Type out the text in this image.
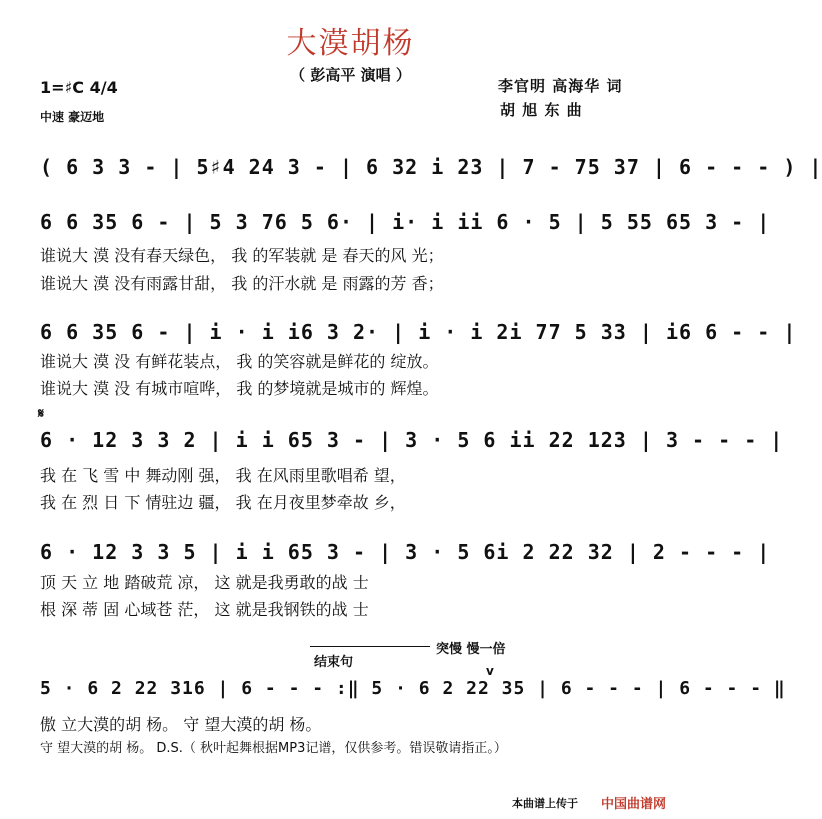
大漠胡杨
（ 彭高平 演唱 ）
李官明 高海华 词
胡 旭 东 曲
1=♯C 4/4
中速 豪迈地
( 6 3 3 - | 5♯4 24 3 - | 6 32 i 23 | 7 - 75 37 | 6 - - - ) |
6 6 35 6 - | 5 3 76 5 6· | i· i ii 6 · 5 | 5 55 65 3 - |
谁说大 漠 没有春天绿色， 我 的军装就 是 春天的风 光；
谁说大 漠 没有雨露甘甜， 我 的汗水就 是 雨露的芳 香；
6 6 35 6 - | i · i i6 3 2· | i · i 2i 77 5 33 | i6 6 - - |
谁说大 漠 没 有鲜花装点， 我 的笑容就是鲜花的 绽放。
谁说大 漠 没 有城市喧哗， 我 的梦境就是城市的 辉煌。
𝄋
6 · 12 3 3 2 | i i 65 3 - | 3 · 5 6 ii 22 123 | 3 - - - |
我 在 飞 雪 中 舞动刚 强， 我 在风雨里歌唱希 望，
我 在 烈 日 下 情驻边 疆， 我 在月夜里梦牵故 乡，
6 · 12 3 3 5 | i i 65 3 - | 3 · 5 6i 2 22 32 | 2 - - - |
顶 天 立 地 踏破荒 凉， 这 就是我勇敢的战 士
根 深 蒂 固 心域苍 茫， 这 就是我钢铁的战 士
结束句
突慢 慢一倍
v
5 · 6 2 22 316 | 6 - - - :‖ 5 · 6 2 22 35 | 6 - - - | 6 - - - ‖
傲 立大漠的胡 杨。 守 望大漠的胡 杨。
守 望大漠的胡 杨。 D.S.（ 秋叶起舞根据MP3记谱，仅供参考。错误敬请指正。）
本曲谱上传于 中国曲谱网
